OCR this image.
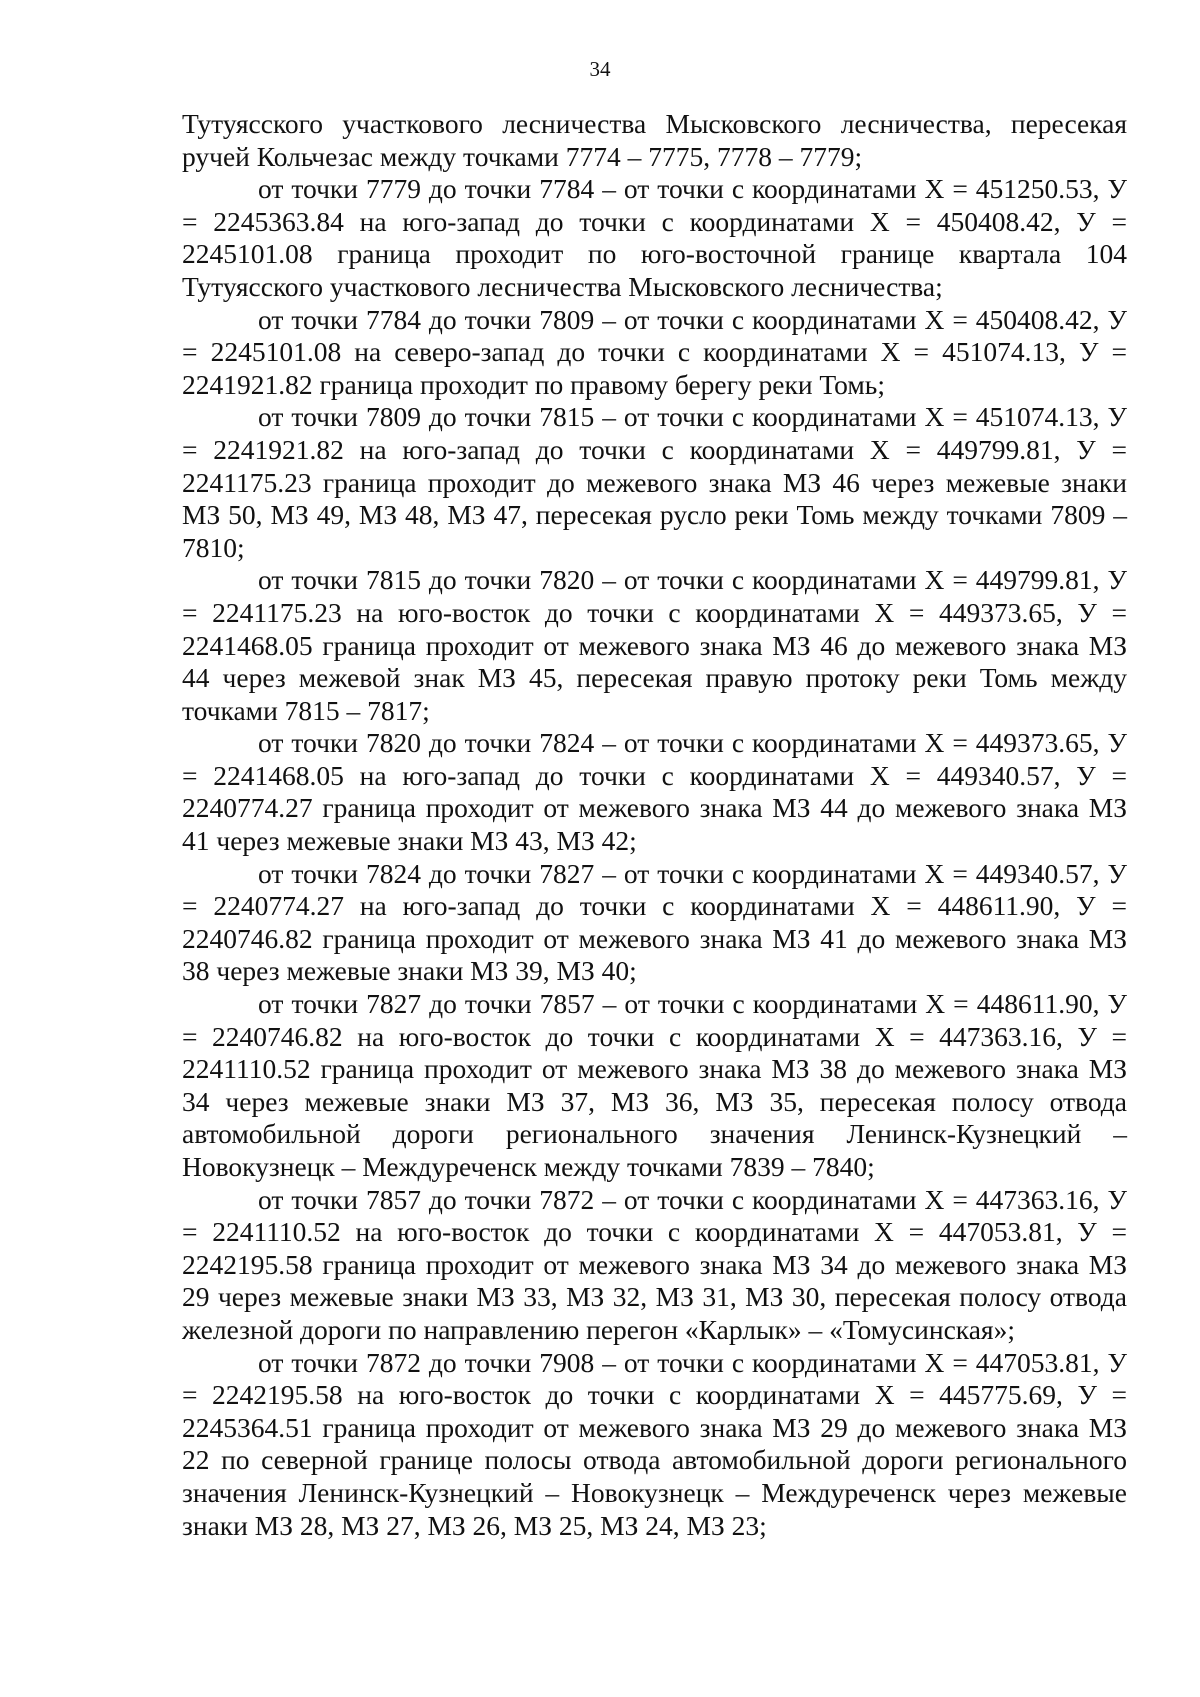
34

Тутуясского участкового лесничества Мысковского лесничества, пересекая ручей Кольчезас между точками 7774 – 7775, 7778 – 7779;

от точки 7779 до точки 7784 – от точки с координатами X = 451250.53, У = 2245363.84 на юго-запад до точки с координатами X = 450408.42, У = 2245101.08 граница проходит по юго-восточной границе квартала 104 Тутуясского участкового лесничества Мысковского лесничества;

от точки 7784 до точки 7809 – от точки с координатами X = 450408.42, У = 2245101.08 на северо-запад до точки с координатами X = 451074.13, У = 2241921.82 граница проходит по правому берегу реки Томь;

от точки 7809 до точки 7815 – от точки с координатами X = 451074.13, У = 2241921.82 на юго-запад до точки с координатами X = 449799.81, У = 2241175.23 граница проходит до межевого знака МЗ 46 через межевые знаки МЗ 50, МЗ 49, МЗ 48, МЗ 47, пересекая русло реки Томь между точками 7809 – 7810;

от точки 7815 до точки 7820 – от точки с координатами X = 449799.81, У = 2241175.23 на юго-восток до точки с координатами X = 449373.65, У = 2241468.05 граница проходит от межевого знака МЗ 46 до межевого знака МЗ 44 через межевой знак МЗ 45, пересекая правую протоку реки Томь между точками 7815 – 7817;

от точки 7820 до точки 7824 – от точки с координатами X = 449373.65, У = 2241468.05 на юго-запад до точки с координатами X = 449340.57, У = 2240774.27 граница проходит от межевого знака МЗ 44 до межевого знака МЗ 41 через межевые знаки МЗ 43, МЗ 42;

от точки 7824 до точки 7827 – от точки с координатами X = 449340.57, У = 2240774.27 на юго-запад до точки с координатами X = 448611.90, У = 2240746.82 граница проходит от межевого знака МЗ 41 до межевого знака МЗ 38 через межевые знаки МЗ 39, МЗ 40;

от точки 7827 до точки 7857 – от точки с координатами X = 448611.90, У = 2240746.82 на юго-восток до точки с координатами X = 447363.16, У = 2241110.52 граница проходит от межевого знака МЗ 38 до межевого знака МЗ 34 через межевые знаки МЗ 37, МЗ 36, МЗ 35, пересекая полосу отвода автомобильной дороги регионального значения Ленинск-Кузнецкий – Новокузнецк – Междуреченск между точками 7839 – 7840;

от точки 7857 до точки 7872 – от точки с координатами X = 447363.16, У = 2241110.52 на юго-восток до точки с координатами X = 447053.81, У = 2242195.58 граница проходит от межевого знака МЗ 34 до межевого знака МЗ 29 через межевые знаки МЗ 33, МЗ 32, МЗ 31, МЗ 30, пересекая полосу отвода железной дороги по направлению перегон «Карлык» – «Томусинская»;

от точки 7872 до точки 7908 – от точки с координатами X = 447053.81, У = 2242195.58 на юго-восток до точки с координатами X = 445775.69, У = 2245364.51 граница проходит от межевого знака МЗ 29 до межевого знака МЗ 22 по северной границе полосы отвода автомобильной дороги регионального значения Ленинск-Кузнецкий – Новокузнецк – Междуреченск через межевые знаки МЗ 28, МЗ 27, МЗ 26, МЗ 25, МЗ 24, МЗ 23;
